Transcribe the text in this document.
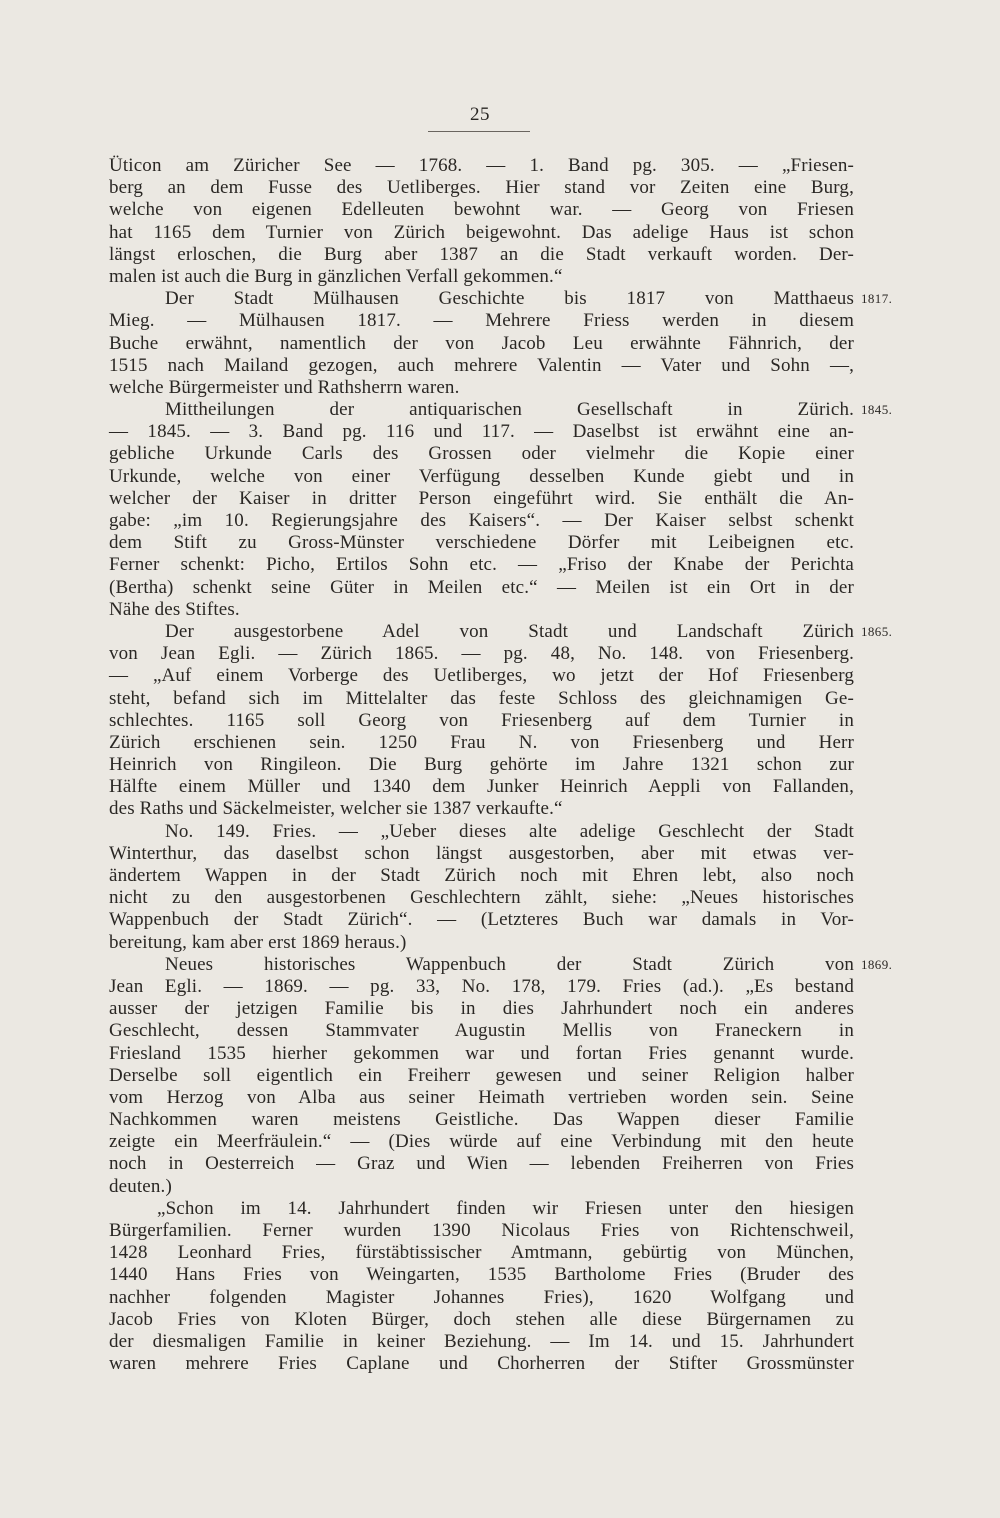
25
Üticon am Züricher See — 1768. — 1. Band pg. 305. — „Friesen-
berg an dem Fusse des Uetliberges. Hier stand vor Zeiten eine Burg,
welche von eigenen Edelleuten bewohnt war. — Georg von Friesen
hat 1165 dem Turnier von Zürich beigewohnt. Das adelige Haus ist schon
längst erloschen, die Burg aber 1387 an die Stadt verkauft worden. Der-
malen ist auch die Burg in gänzlichen Verfall gekommen.“
Der Stadt Mülhausen Geschichte bis 1817 von Matthaeus
Mieg. — Mülhausen 1817. — Mehrere Friess werden in diesem
Buche erwähnt, namentlich der von Jacob Leu erwähnte Fähnrich, der
1515 nach Mailand gezogen, auch mehrere Valentin — Vater und Sohn —,
welche Bürgermeister und Rathsherrn waren.
Mittheilungen der antiquarischen Gesellschaft in Zürich.
— 1845. — 3. Band pg. 116 und 117. — Daselbst ist erwähnt eine an-
gebliche Urkunde Carls des Grossen oder vielmehr die Kopie einer
Urkunde, welche von einer Verfügung desselben Kunde giebt und in
welcher der Kaiser in dritter Person eingeführt wird. Sie enthält die An-
gabe: „im 10. Regierungsjahre des Kaisers“. — Der Kaiser selbst schenkt
dem Stift zu Gross-Münster verschiedene Dörfer mit Leibeignen etc.
Ferner schenkt: Picho, Ertilos Sohn etc. — „Friso der Knabe der Perichta
(Bertha) schenkt seine Güter in Meilen etc.“ — Meilen ist ein Ort in der
Nähe des Stiftes.
Der ausgestorbene Adel von Stadt und Landschaft Zürich
von Jean Egli. — Zürich 1865. — pg. 48, No. 148. von Friesenberg.
— „Auf einem Vorberge des Uetliberges, wo jetzt der Hof Friesenberg
steht, befand sich im Mittelalter das feste Schloss des gleichnamigen Ge-
schlechtes. 1165 soll Georg von Friesenberg auf dem Turnier in
Zürich erschienen sein. 1250 Frau N. von Friesenberg und Herr
Heinrich von Ringileon. Die Burg gehörte im Jahre 1321 schon zur
Hälfte einem Müller und 1340 dem Junker Heinrich Aeppli von Fallanden,
des Raths und Säckelmeister, welcher sie 1387 verkaufte.“
No. 149. Fries. — „Ueber dieses alte adelige Geschlecht der Stadt
Winterthur, das daselbst schon längst ausgestorben, aber mit etwas ver-
ändertem Wappen in der Stadt Zürich noch mit Ehren lebt, also noch
nicht zu den ausgestorbenen Geschlechtern zählt, siehe: „Neues historisches
Wappenbuch der Stadt Zürich“. — (Letzteres Buch war damals in Vor-
bereitung, kam aber erst 1869 heraus.)
Neues historisches Wappenbuch der Stadt Zürich von
Jean Egli. — 1869. — pg. 33, No. 178, 179. Fries (ad.). „Es bestand
ausser der jetzigen Familie bis in dies Jahrhundert noch ein anderes
Geschlecht, dessen Stammvater Augustin Mellis von Franeckern in
Friesland 1535 hierher gekommen war und fortan Fries genannt wurde.
Derselbe soll eigentlich ein Freiherr gewesen und seiner Religion halber
vom Herzog von Alba aus seiner Heimath vertrieben worden sein. Seine
Nachkommen waren meistens Geistliche. Das Wappen dieser Familie
zeigte ein Meerfräulein.“ — (Dies würde auf eine Verbindung mit den heute
noch in Oesterreich — Graz und Wien — lebenden Freiherren von Fries
deuten.)
„Schon im 14. Jahrhundert finden wir Friesen unter den hiesigen
Bürgerfamilien. Ferner wurden 1390 Nicolaus Fries von Richtenschweil,
1428 Leonhard Fries, fürstäbtissischer Amtmann, gebürtig von München,
1440 Hans Fries von Weingarten, 1535 Bartholome Fries (Bruder des
nachher folgenden Magister Johannes Fries), 1620 Wolfgang und
Jacob Fries von Kloten Bürger, doch stehen alle diese Bürgernamen zu
der diesmaligen Familie in keiner Beziehung. — Im 14. und 15. Jahrhundert
waren mehrere Fries Caplane und Chorherren der Stifter Grossmünster
1817.
1845.
1865.
1869.
